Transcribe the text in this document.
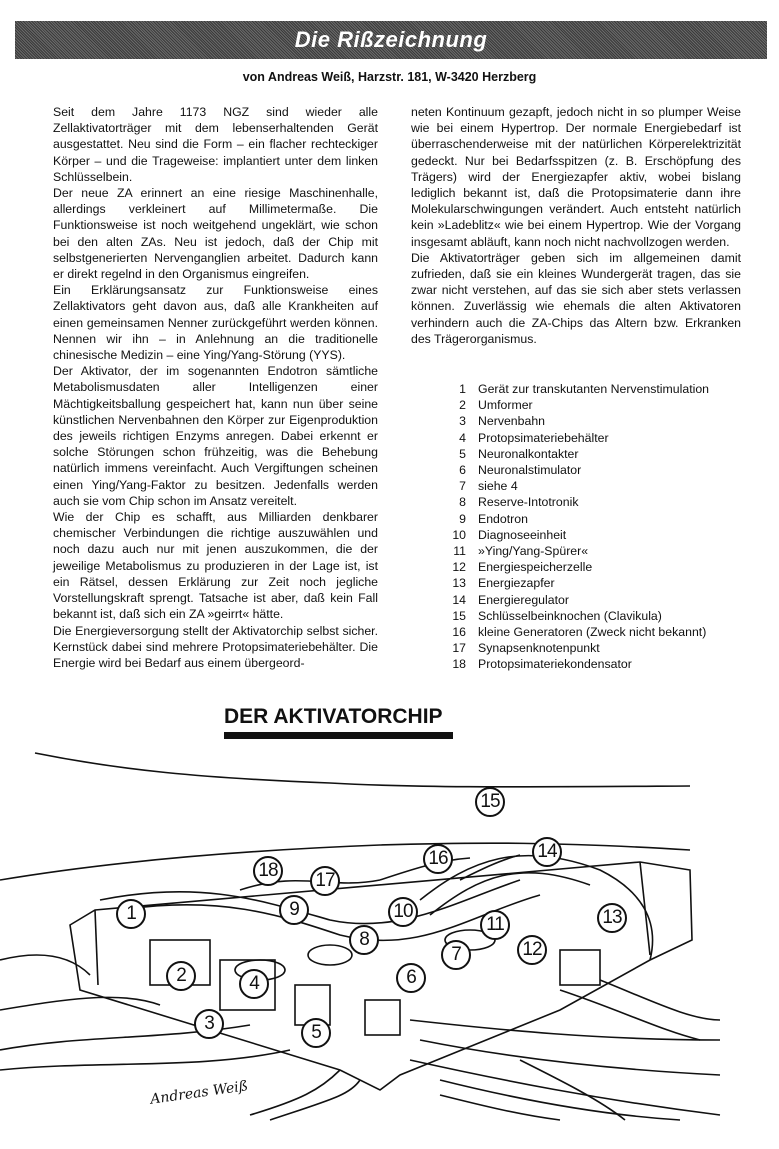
Die Rißzeichnung
von Andreas Weiß, Harzstr. 181, W-3420 Herzberg

Seit dem Jahre 1173 NGZ sind wieder alle Zellaktivatorträger mit dem lebenserhaltenden Gerät ausgestattet. Neu sind die Form – ein flacher rechteckiger Körper – und die Trageweise: implantiert unter dem linken Schlüsselbein.

Der neue ZA erinnert an eine riesige Maschinenhalle, allerdings verkleinert auf Millimetermaße. Die Funktionsweise ist noch weitgehend ungeklärt, wie schon bei den alten ZAs. Neu ist jedoch, daß der Chip mit selbstgenerierten Nervenganglien arbeitet. Dadurch kann er direkt regelnd in den Organismus eingreifen.

Ein Erklärungsansatz zur Funktionsweise eines Zellaktivators geht davon aus, daß alle Krankheiten auf einen gemeinsamen Nenner zurückgeführt werden können. Nennen wir ihn – in Anlehnung an die traditionelle chinesische Medizin – eine Ying/Yang-Störung (YYS).

Der Aktivator, der im sogenannten Endotron sämtliche Metabolismusdaten aller Intelligenzen einer Mächtigkeitsballung gespeichert hat, kann nun über seine künstlichen Nervenbahnen den Körper zur Eigenproduktion des jeweils richtigen Enzyms anregen. Dabei erkennt er solche Störungen schon frühzeitig, was die Behebung natürlich immens vereinfacht. Auch Vergiftungen scheinen einen Ying/Yang-Faktor zu besitzen. Jedenfalls werden auch sie vom Chip schon im Ansatz vereitelt.

Wie der Chip es schafft, aus Milliarden denkbarer chemischer Verbindungen die richtige auszuwählen und noch dazu auch nur mit jenen auszukommen, die der jeweilige Metabolismus zu produzieren in der Lage ist, ist ein Rätsel, dessen Erklärung zur Zeit noch jegliche Vorstellungskraft sprengt. Tatsache ist aber, daß kein Fall bekannt ist, daß sich ein ZA »geirrt« hätte.

Die Energieversorgung stellt der Aktivatorchip selbst sicher. Kernstück dabei sind mehrere Protopsimateriebehälter. Die Energie wird bei Bedarf aus einem übergeord-

neten Kontinuum gezapft, jedoch nicht in so plumper Weise wie bei einem Hypertrop. Der normale Energiebedarf ist überraschenderweise mit der natürlichen Körperelektrizität gedeckt. Nur bei Bedarfsspitzen (z. B. Erschöpfung des Trägers) wird der Energiezapfer aktiv, wobei bislang lediglich bekannt ist, daß die Protopsimaterie dann ihre Molekularschwingungen verändert. Auch entsteht natürlich kein »Ladeblitz« wie bei einem Hypertrop. Wie der Vorgang insgesamt abläuft, kann noch nicht nachvollzogen werden.

Die Aktivatorträger geben sich im allgemeinen damit zufrieden, daß sie ein kleines Wundergerät tragen, das sie zwar nicht verstehen, auf das sie sich aber stets verlassen können. Zuverlässig wie ehemals die alten Aktivatoren verhindern auch die ZA-Chips das Altern bzw. Erkranken des Trägerorganismus.

1 Gerät zur transkutanten Nervenstimulation
2 Umformer
3 Nervenbahn
4 Protopsimateriebehälter
5 Neuronalkontakter
6 Neuronalstimulator
7 siehe 4
8 Reserve-Intotronik
9 Endotron
10 Diagnoseeinheit
11 »Ying/Yang-Spürer«
12 Energiespeicherzelle
13 Energiezapfer
14 Energieregulator
15 Schlüsselbeinknochen (Clavikula)
16 kleine Generatoren (Zweck nicht bekannt)
17 Synapsenknotenpunkt
18 Protopsimateriekondensator
DER AKTIVATORCHIP
1
2
3
4
5
6
7
8
9	10
11
12
13
14
15
16
17
18
Andreas Weiß
